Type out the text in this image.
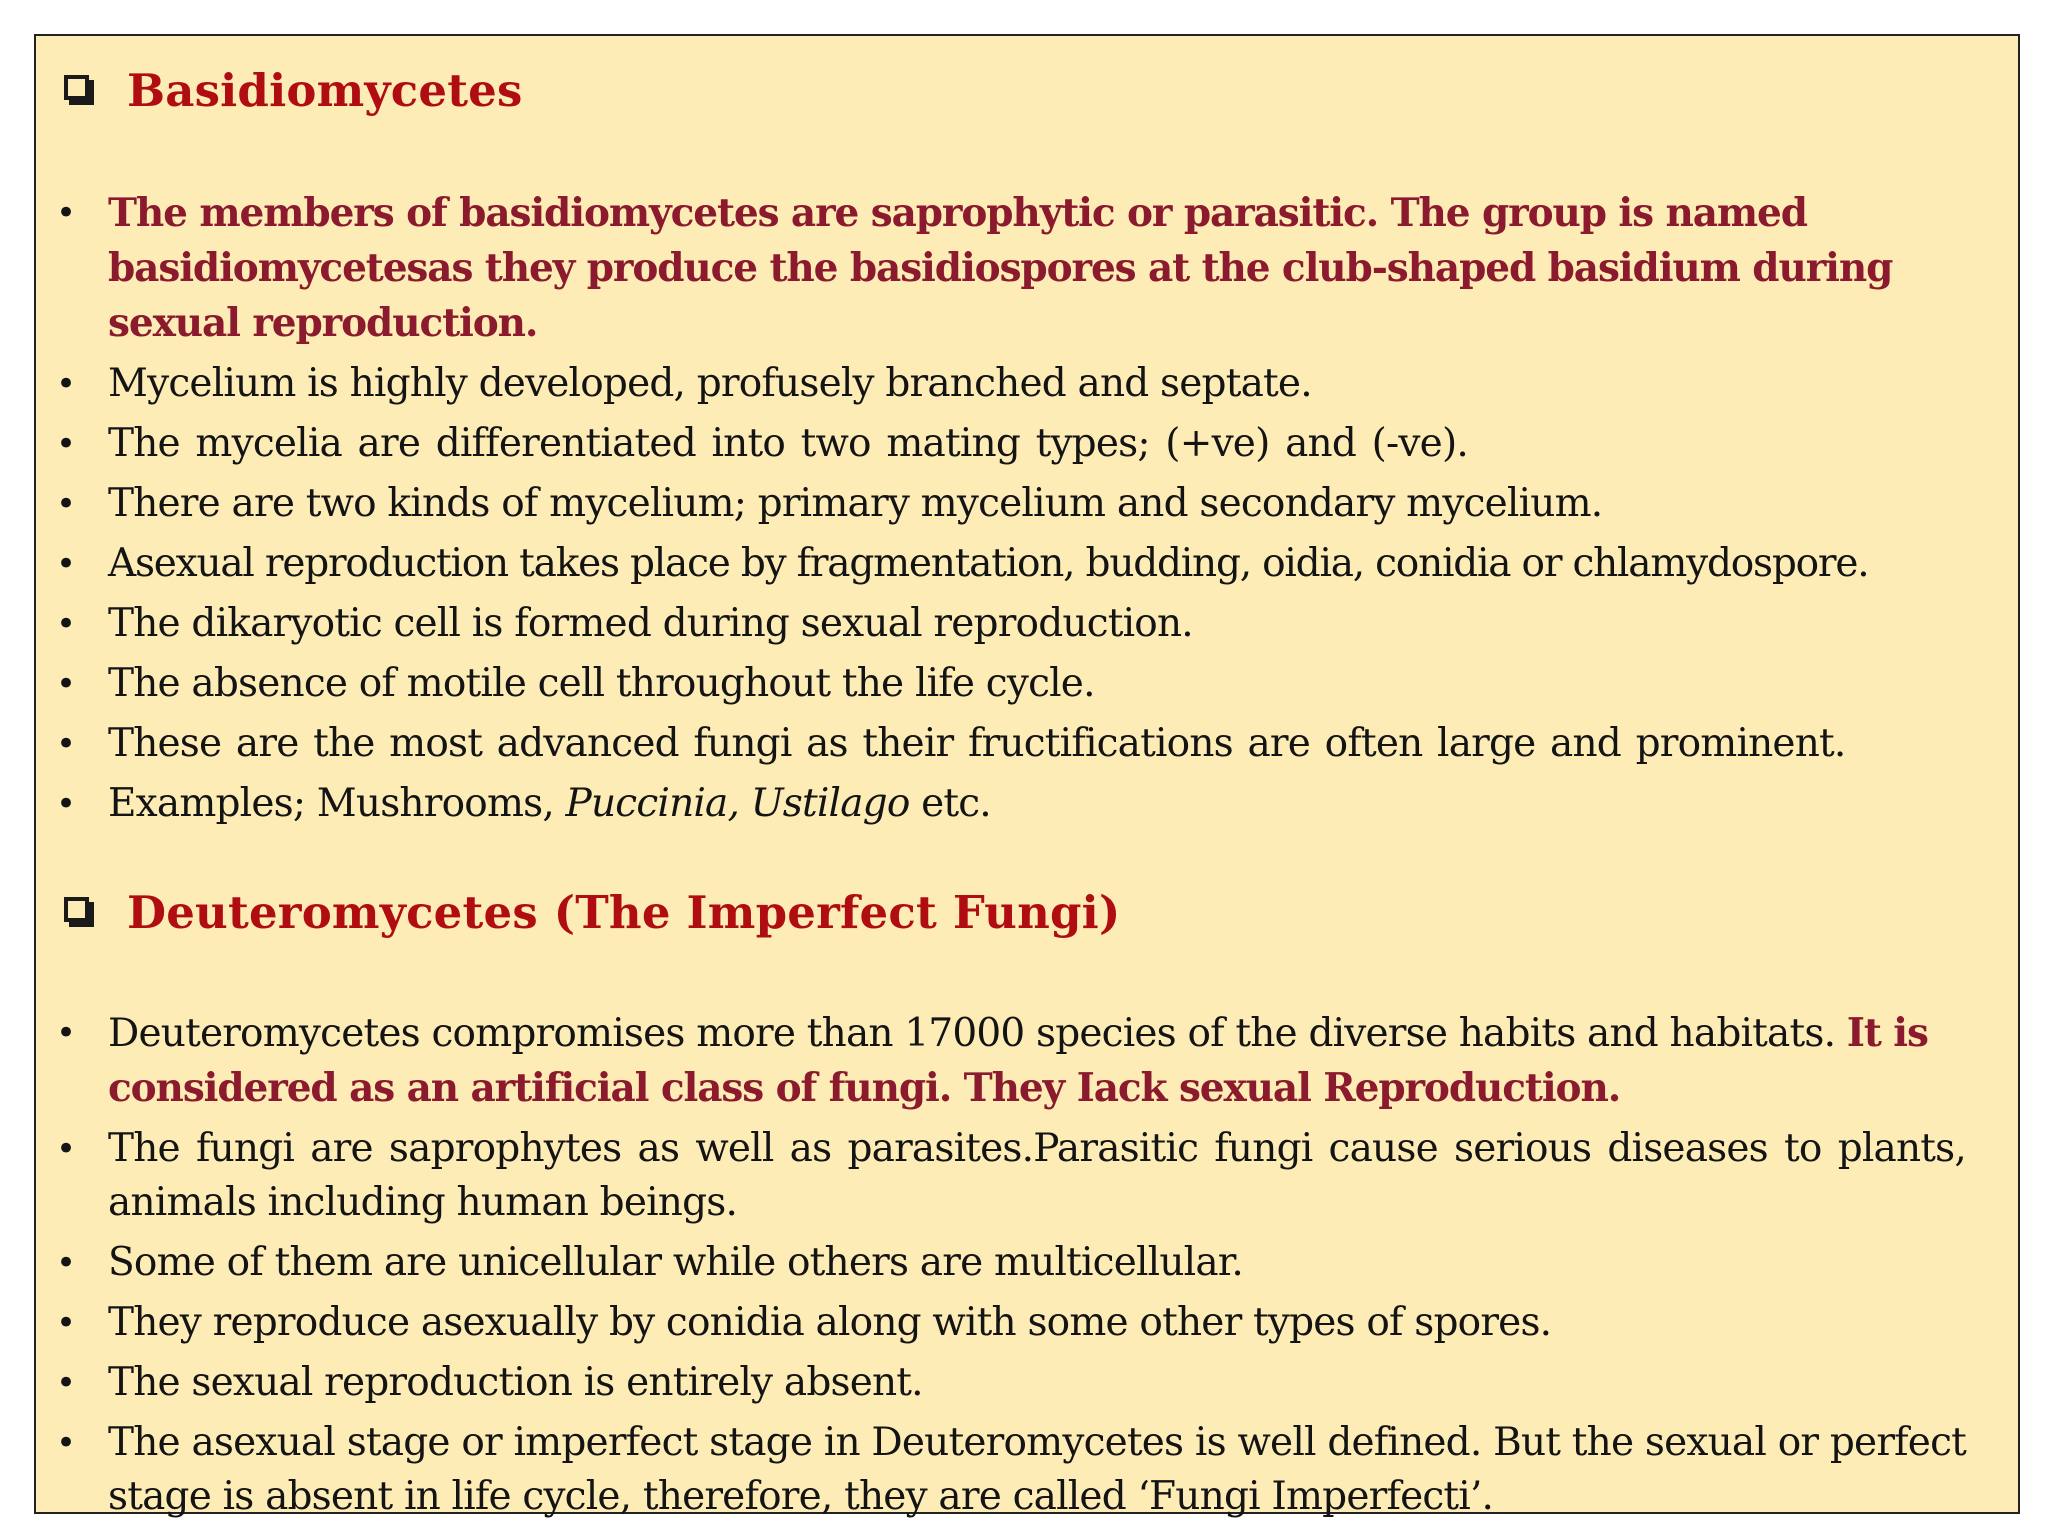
Basidiomycetes
• The members of basidiomycetes are saprophytic or parasitic. The group is named basidiomycetesas they produce the basidiospores at the club-shaped basidium during sexual reproduction.
• Mycelium is highly developed, profusely branched and septate.
• The mycelia are differentiated into two mating types; (+ve) and (-ve).
• There are two kinds of mycelium; primary mycelium and secondary mycelium.
• Asexual reproduction takes place by fragmentation, budding, oidia, conidia or chlamydospore.
• The dikaryotic cell is formed during sexual reproduction.
• The absence of motile cell throughout the life cycle.
• These are the most advanced fungi as their fructifications are often large and prominent.
• Examples; Mushrooms, Puccinia, Ustilago etc.
Deuteromycetes (The Imperfect Fungi)
• Deuteromycetes compromises more than 17000 species of the diverse habits and habitats. It is considered as an artificial class of fungi. They Iack sexual Reproduction.
• The fungi are saprophytes as well as parasites.Parasitic fungi cause serious diseases to plants, animals including human beings.
• Some of them are unicellular while others are multicellular.
• They reproduce asexually by conidia along with some other types of spores.
• The sexual reproduction is entirely absent.
• The asexual stage or imperfect stage in Deuteromycetes is well defined. But the sexual or perfect stage is absent in life cycle, therefore, they are called ‘Fungi Imperfecti’.
